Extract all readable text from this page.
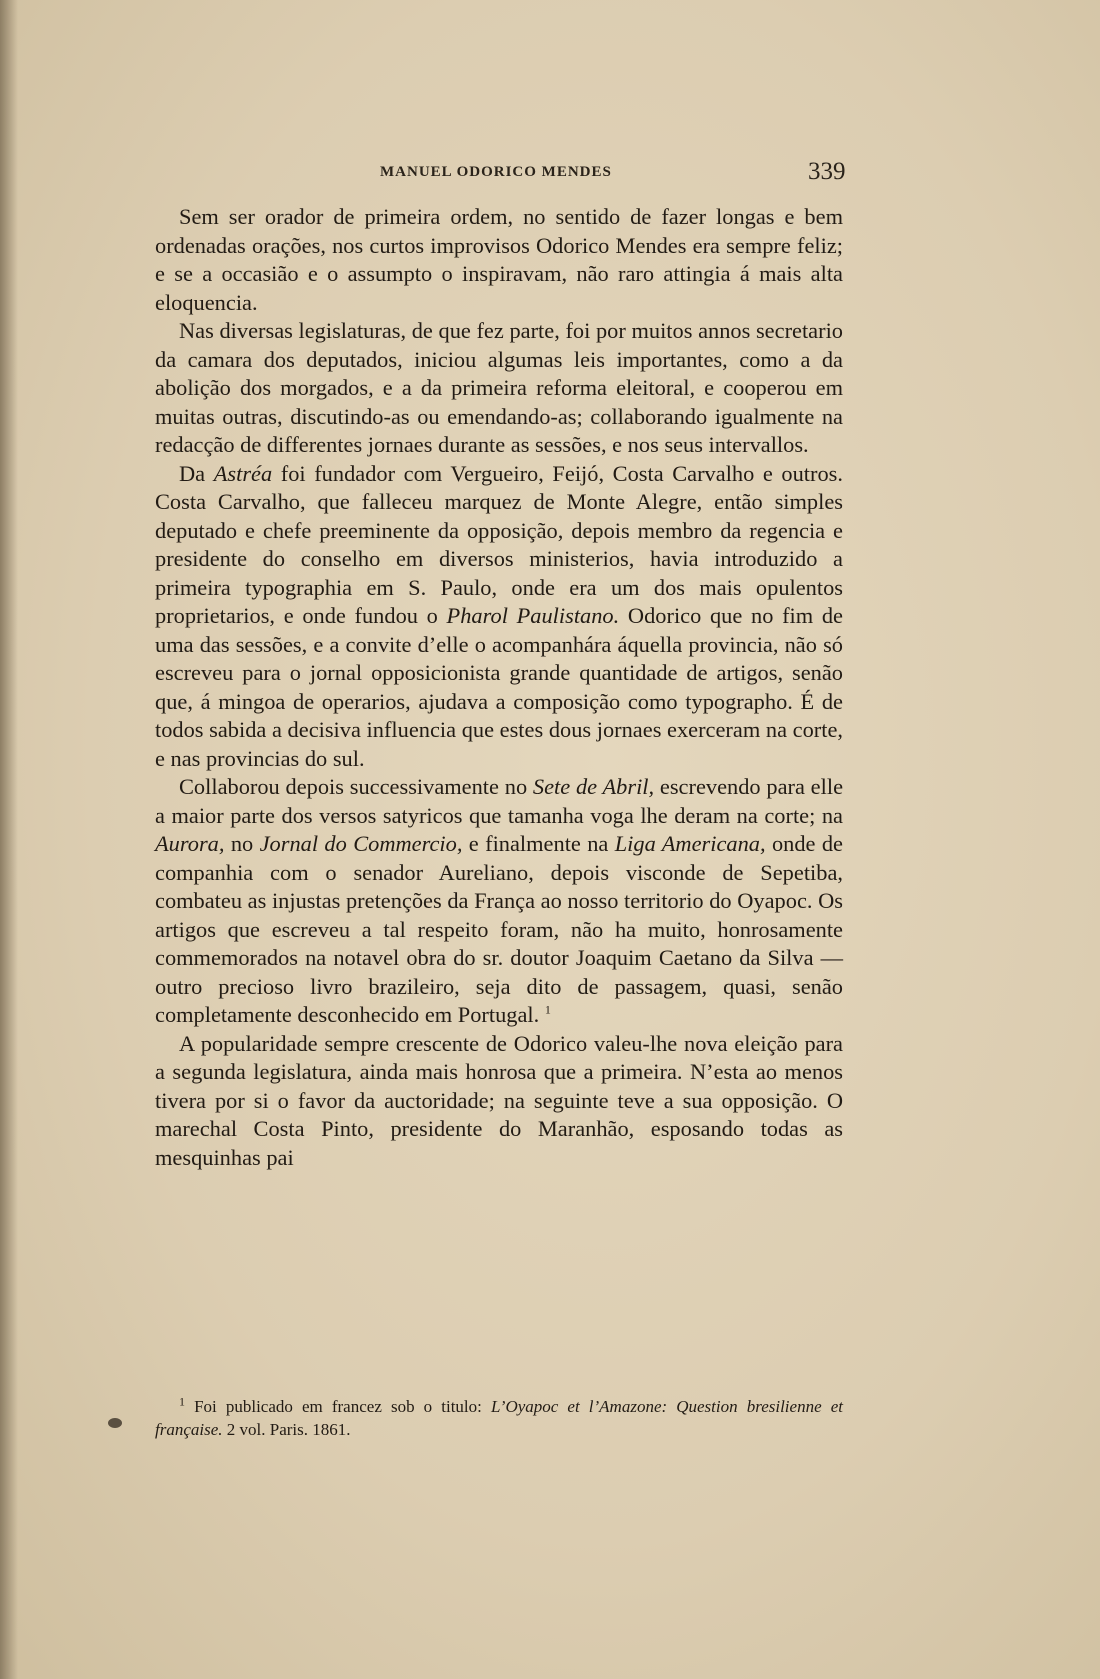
MANUEL ODORICO MENDES	339

Sem ser orador de primeira ordem, no sentido de fazer longas e bem ordenadas orações, nos curtos improvisos Odorico Mendes era sempre feliz; e se a occasião e o assumpto o inspiravam, não raro attingia á mais alta eloquencia.

Nas diversas legislaturas, de que fez parte, foi por muitos annos secretario da camara dos deputados, iniciou algumas leis importantes, como a da abolição dos morgados, e a da primeira reforma eleitoral, e cooperou em muitas outras, discutindo-as ou emendando-as; collaborando igualmente na redacção de differentes jornaes durante as sessões, e nos seus intervallos.

Da Astréa foi fundador com Vergueiro, Feijó, Costa Carvalho e outros. Costa Carvalho, que falleceu marquez de Monte Alegre, então simples deputado e chefe preeminente da opposição, depois membro da regencia e presidente do conselho em diversos ministerios, havia introduzido a primeira typographia em S. Paulo, onde era um dos mais opulentos proprietarios, e onde fundou o Pharol Paulistano. Odorico que no fim de uma das sessões, e a convite d’elle o acompanhára áquella provincia, não só escreveu para o jornal opposicionista grande quantidade de artigos, senão que, á mingoa de operarios, ajudava a composição como typographo. É de todos sabida a decisiva influencia que estes dous jornaes exerceram na corte, e nas provincias do sul.

Collaborou depois successivamente no Sete de Abril, escrevendo para elle a maior parte dos versos satyricos que tamanha voga lhe deram na corte; na Aurora, no Jornal do Commercio, e finalmente na Liga Americana, onde de companhia com o senador Aureliano, depois visconde de Sepetiba, combateu as injustas pretenções da França ao nosso territorio do Oyapoc. Os artigos que escreveu a tal respeito foram, não ha muito, honrosamente commemorados na notavel obra do sr. doutor Joaquim Caetano da Silva — outro precioso livro brazileiro, seja dito de passagem, quasi, senão completamente desconhecido em Portugal. $^1$

A popularidade sempre crescente de Odorico valeu-lhe nova eleição para a segunda legislatura, ainda mais honrosa que a primeira. N’esta ao menos tivera por si o favor da auctoridade; na seguinte teve a sua opposição. O marechal Costa Pinto, presidente do Maranhão, esposando todas as mesquinhas pai

$^1$ Foi publicado em francez sob o titulo: L’Oyapoc et l’Amazone: Question bresilienne et française. 2 vol. Paris. 1861.
